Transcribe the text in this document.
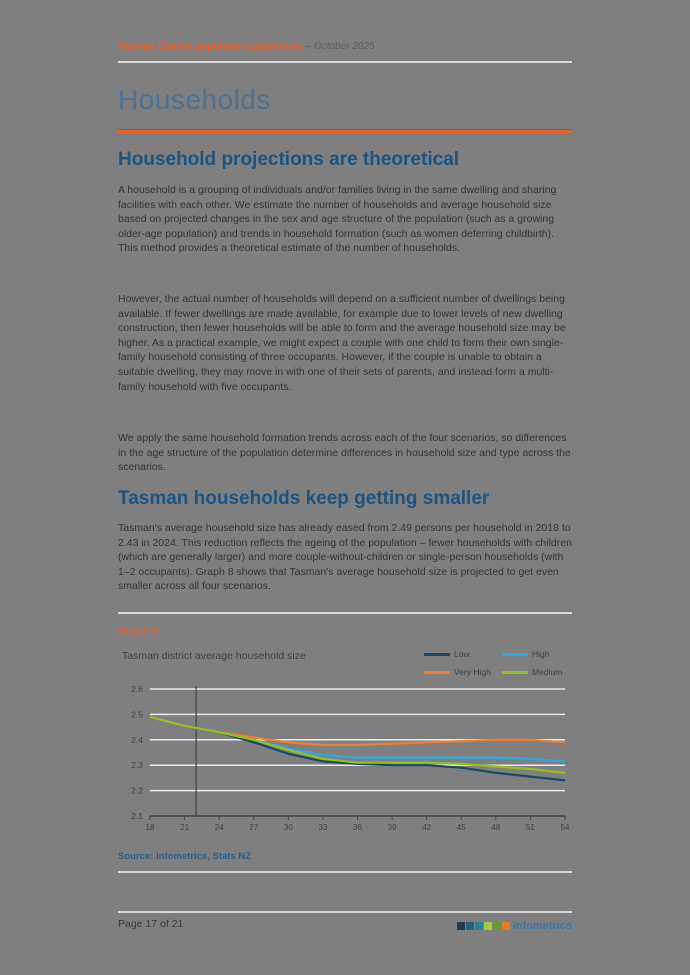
Tasman District population projections – October 2025
Households
Household projections are theoretical
A household is a grouping of individuals and/or families living in the same dwelling and sharing facilities with each other. We estimate the number of households and average household size based on projected changes in the sex and age structure of the population (such as a growing older-age population) and trends in household formation (such as women deferring childbirth). This method provides a theoretical estimate of the number of households.
However, the actual number of households will depend on a sufficient number of dwellings being available. If fewer dwellings are made available, for example due to lower levels of new dwelling construction, then fewer households will be able to form and the average household size may be higher. As a practical example, we might expect a couple with one child to form their own single-family household consisting of three occupants. However, if the couple is unable to obtain a suitable dwelling, they may move in with one of their sets of parents, and instead form a multi-family household with five occupants.
We apply the same household formation trends across each of the four scenarios, so differences in the age structure of the population determine differences in household size and type across the scenarios.
Tasman households keep getting smaller
Tasman's average household size has already eased from 2.49 persons per household in 2018 to 2.43 in 2024. This reduction reflects the ageing of the population – fewer households with children (which are generally larger) and more couple-without-children or single-person households (with 1–2 occupants). Graph 8 shows that Tasman's average household size is projected to get even smaller across all four scenarios.
Graph 8
Tasman district average household size	Low	High
Very High	Medium
2.6
2.5
2.4
2.3
2.2
2.1
18	21	24	27	30	33	36	39	42	45	48	51	54
Source: Infometrics, Stats NZ
Page 17 of 21	Infometrics
